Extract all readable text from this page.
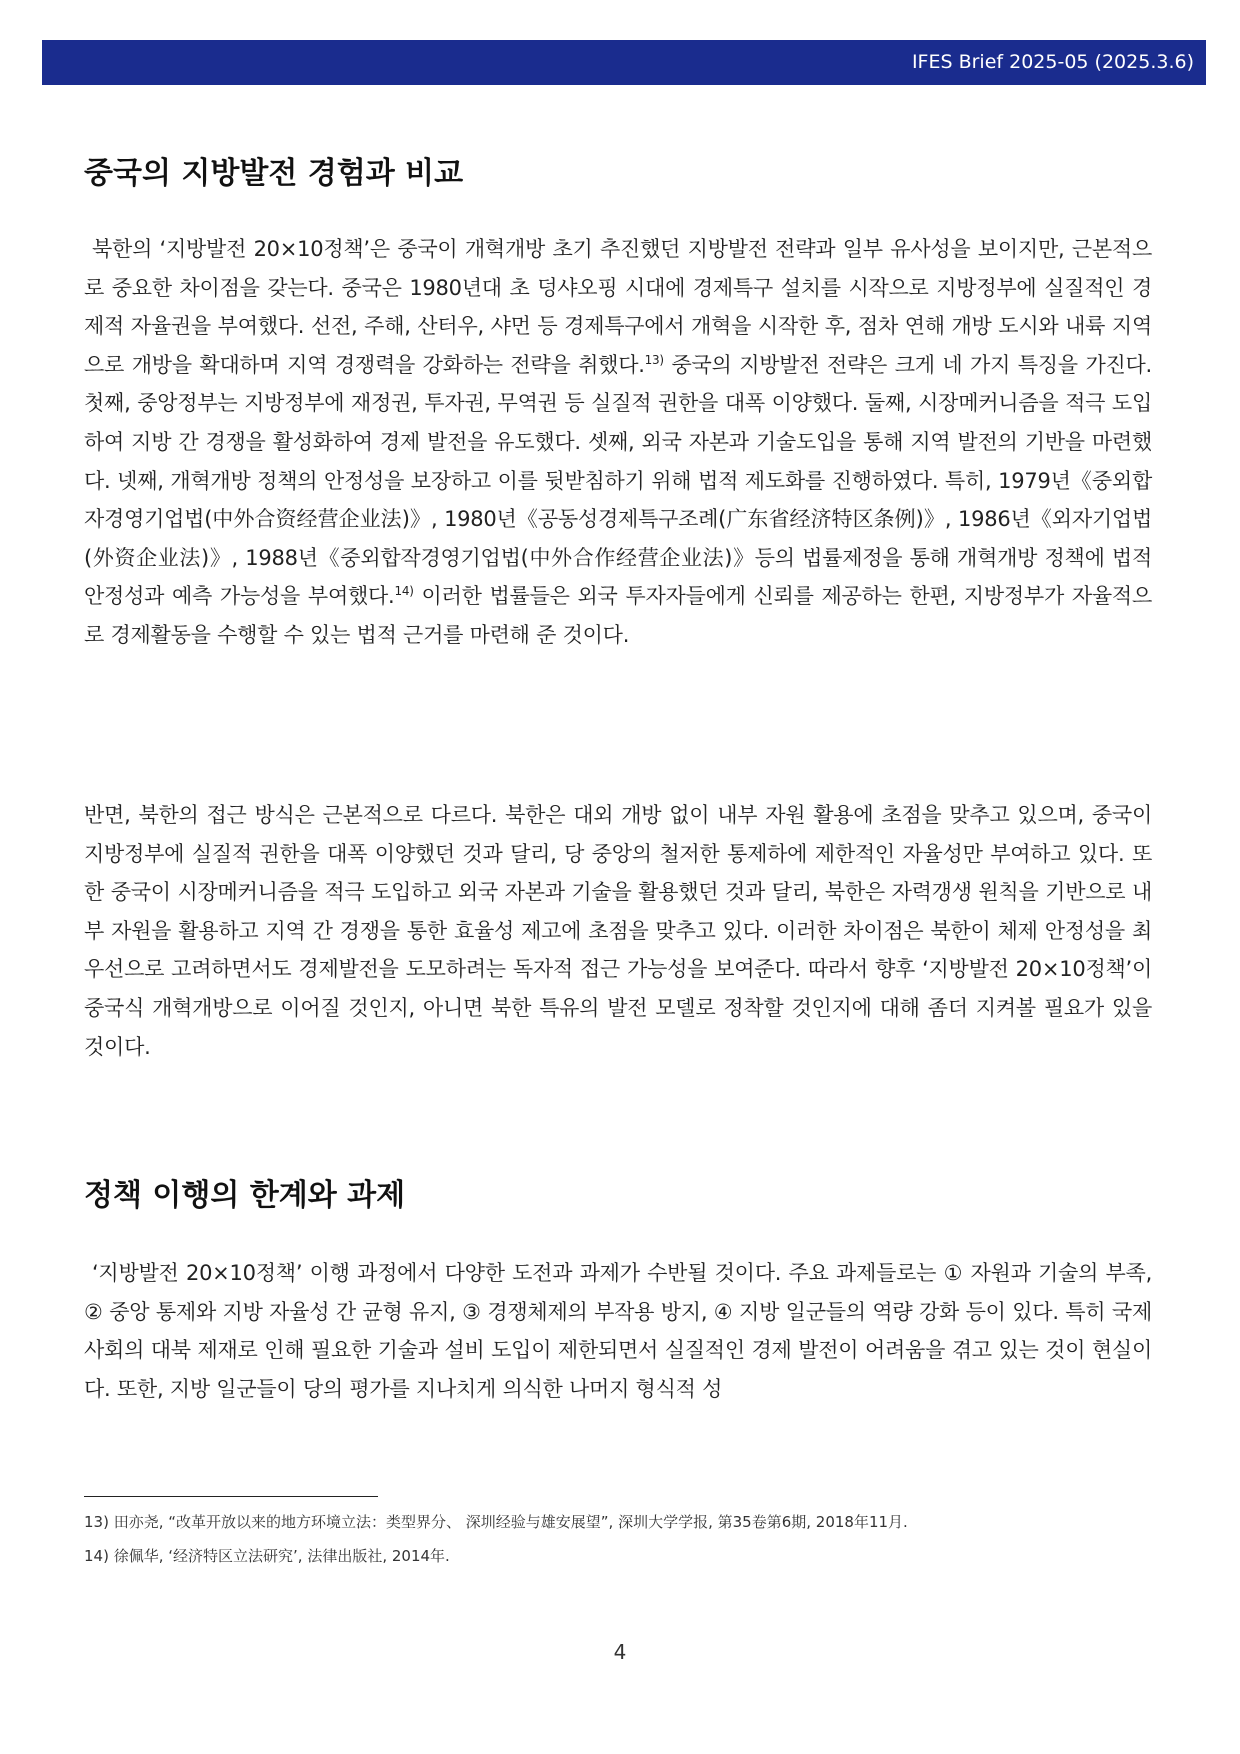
IFES Brief 2025-05 (2025.3.6)
중국의 지방발전 경험과 비교

북한의 ‘지방발전 20×10정책’은 중국이 개혁개방 초기 추진했던 지방발전 전략과 일부 유사성을 보이지만, 근본적으로 중요한 차이점을 갖는다. 중국은 1980년대 초 덩샤오핑 시대에 경제특구 설치를 시작으로 지방정부에 실질적인 경제적 자율권을 부여했다. 선전, 주해, 산터우, 샤먼 등 경제특구에서 개혁을 시작한 후, 점차 연해 개방 도시와 내륙 지역으로 개방을 확대하며 지역 경쟁력을 강화하는 전략을 취했다.$^{13)}$ 중국의 지방발전 전략은 크게 네 가지 특징을 가진다. 첫째, 중앙정부는 지방정부에 재정권, 투자권, 무역권 등 실질적 권한을 대폭 이양했다. 둘째, 시장메커니즘을 적극 도입하여 지방 간 경쟁을 활성화하여 경제 발전을 유도했다. 셋째, 외국 자본과 기술도입을 통해 지역 발전의 기반을 마련했다. 넷째, 개혁개방 정책의 안정성을 보장하고 이를 뒷받침하기 위해 법적 제도화를 진행하였다. 특히, 1979년《중외합자경영기업법(中外合资经营企业法)》, 1980년《공동성경제특구조례(广东省经济特区条例)》, 1986년《외자기업법(外资企业法)》, 1988년《중외합작경영기업법(中外合作经营企业法)》등의 법률제정을 통해 개혁개방 정책에 법적 안정성과 예측 가능성을 부여했다.$^{14)}$ 이러한 법률들은 외국 투자자들에게 신뢰를 제공하는 한편, 지방정부가 자율적으로 경제활동을 수행할 수 있는 법적 근거를 마련해 준 것이다.

반면, 북한의 접근 방식은 근본적으로 다르다. 북한은 대외 개방 없이 내부 자원 활용에 초점을 맞추고 있으며, 중국이 지방정부에 실질적 권한을 대폭 이양했던 것과 달리, 당 중앙의 철저한 통제하에 제한적인 자율성만 부여하고 있다. 또한 중국이 시장메커니즘을 적극 도입하고 외국 자본과 기술을 활용했던 것과 달리, 북한은 자력갱생 원칙을 기반으로 내부 자원을 활용하고 지역 간 경쟁을 통한 효율성 제고에 초점을 맞추고 있다. 이러한 차이점은 북한이 체제 안정성을 최우선으로 고려하면서도 경제발전을 도모하려는 독자적 접근 가능성을 보여준다. 따라서 향후 ‘지방발전 20×10정책’이 중국식 개혁개방으로 이어질 것인지, 아니면 북한 특유의 발전 모델로 정착할 것인지에 대해 좀더 지켜볼 필요가 있을 것이다.

정책 이행의 한계와 과제

‘지방발전 20×10정책’ 이행 과정에서 다양한 도전과 과제가 수반될 것이다. 주요 과제들로는 ① 자원과 기술의 부족, ② 중앙 통제와 지방 자율성 간 균형 유지, ③ 경쟁체제의 부작용 방지, ④ 지방 일군들의 역량 강화 등이 있다. 특히 국제사회의 대북 제재로 인해 필요한 기술과 설비 도입이 제한되면서 실질적인 경제 발전이 어려움을 겪고 있는 것이 현실이다. 또한, 지방 일군들이 당의 평가를 지나치게 의식한 나머지 형식적 성

13) 田亦尧, “改革开放以来的地方环境立法：类型界分、 深圳经验与雄安展望”, 深圳大学学报, 第35卷第6期, 2018年11月.
14) 徐佩华, ‘经济特区立法研究’, 法律出版社, 2014年.
4
